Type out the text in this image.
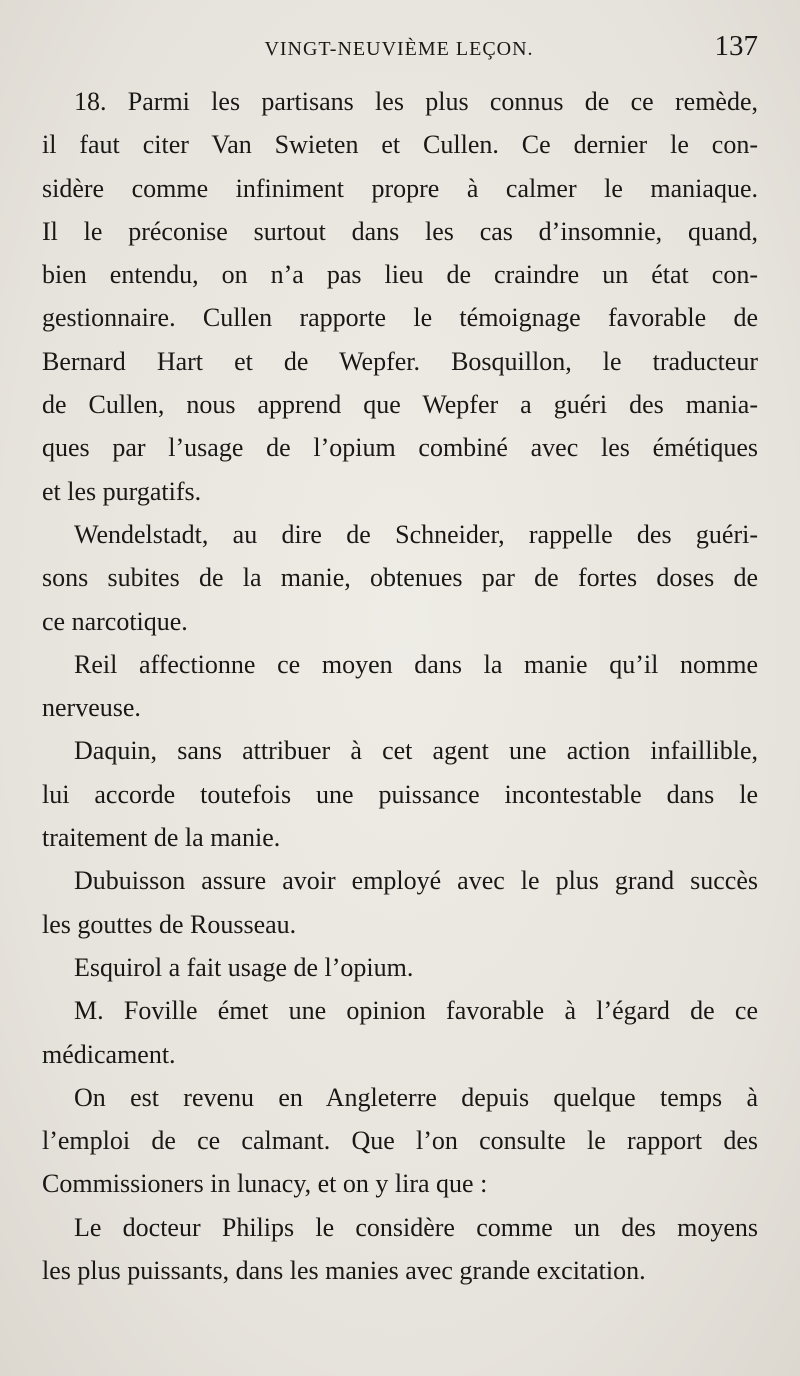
VINGT-NEUVIÈME LEÇON.	137
18. Parmi les partisans les plus connus de ce remède,
il faut citer Van Swieten et Cullen. Ce dernier le con-
sidère comme infiniment propre à calmer le maniaque.
Il le préconise surtout dans les cas d’insomnie, quand,
bien entendu, on n’a pas lieu de craindre un état con-
gestionnaire. Cullen rapporte le témoignage favorable de
Bernard Hart et de Wepfer. Bosquillon, le traducteur
de Cullen, nous apprend que Wepfer a guéri des mania-
ques par l’usage de l’opium combiné avec les émétiques
et les purgatifs.
Wendelstadt, au dire de Schneider, rappelle des guéri-
sons subites de la manie, obtenues par de fortes doses de
ce narcotique.
Reil affectionne ce moyen dans la manie qu’il nomme
nerveuse.
Daquin, sans attribuer à cet agent une action infaillible,
lui accorde toutefois une puissance incontestable dans le
traitement de la manie.
Dubuisson assure avoir employé avec le plus grand succès
les gouttes de Rousseau.
Esquirol a fait usage de l’opium.
M. Foville émet une opinion favorable à l’égard de ce
médicament.
On est revenu en Angleterre depuis quelque temps à
l’emploi de ce calmant. Que l’on consulte le rapport des
Commissioners in lunacy, et on y lira que :
Le docteur Philips le considère comme un des moyens
les plus puissants, dans les manies avec grande excitation.
